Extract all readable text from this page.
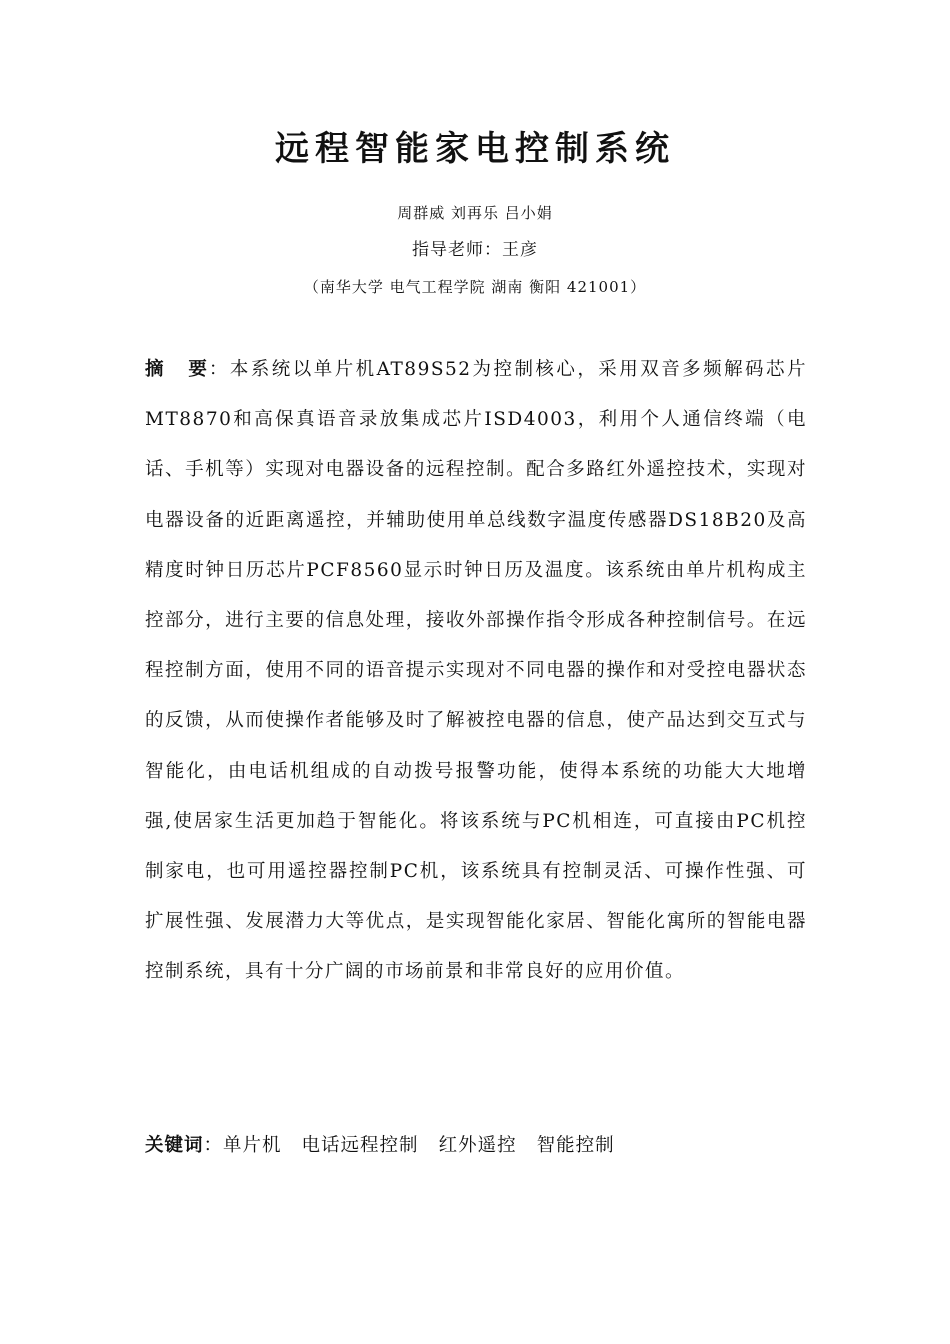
远程智能家电控制系统
周群威 刘再乐 吕小娟
指导老师：王彦
（南华大学 电气工程学院 湖南 衡阳 421001）
摘 要：本系统以单片机AT89S52为控制核心，采用双音多频解码芯片MT8870和高保真语音录放集成芯片ISD4003，利用个人通信终端（电话、手机等）实现对电器设备的远程控制。配合多路红外遥控技术，实现对电器设备的近距离遥控，并辅助使用单总线数字温度传感器DS18B20及高精度时钟日历芯片PCF8560显示时钟日历及温度。该系统由单片机构成主控部分，进行主要的信息处理，接收外部操作指令形成各种控制信号。在远程控制方面，使用不同的语音提示实现对不同电器的操作和对受控电器状态的反馈，从而使操作者能够及时了解被控电器的信息，使产品达到交互式与智能化，由电话机组成的自动拨号报警功能，使得本系统的功能大大地增强,使居家生活更加趋于智能化。将该系统与PC机相连，可直接由PC机控制家电，也可用遥控器控制PC机，该系统具有控制灵活、可操作性强、可扩展性强、发展潜力大等优点，是实现智能化家居、智能化寓所的智能电器控制系统，具有十分广阔的市场前景和非常良好的应用价值。
关键词：单片机 电话远程控制 红外遥控 智能控制
